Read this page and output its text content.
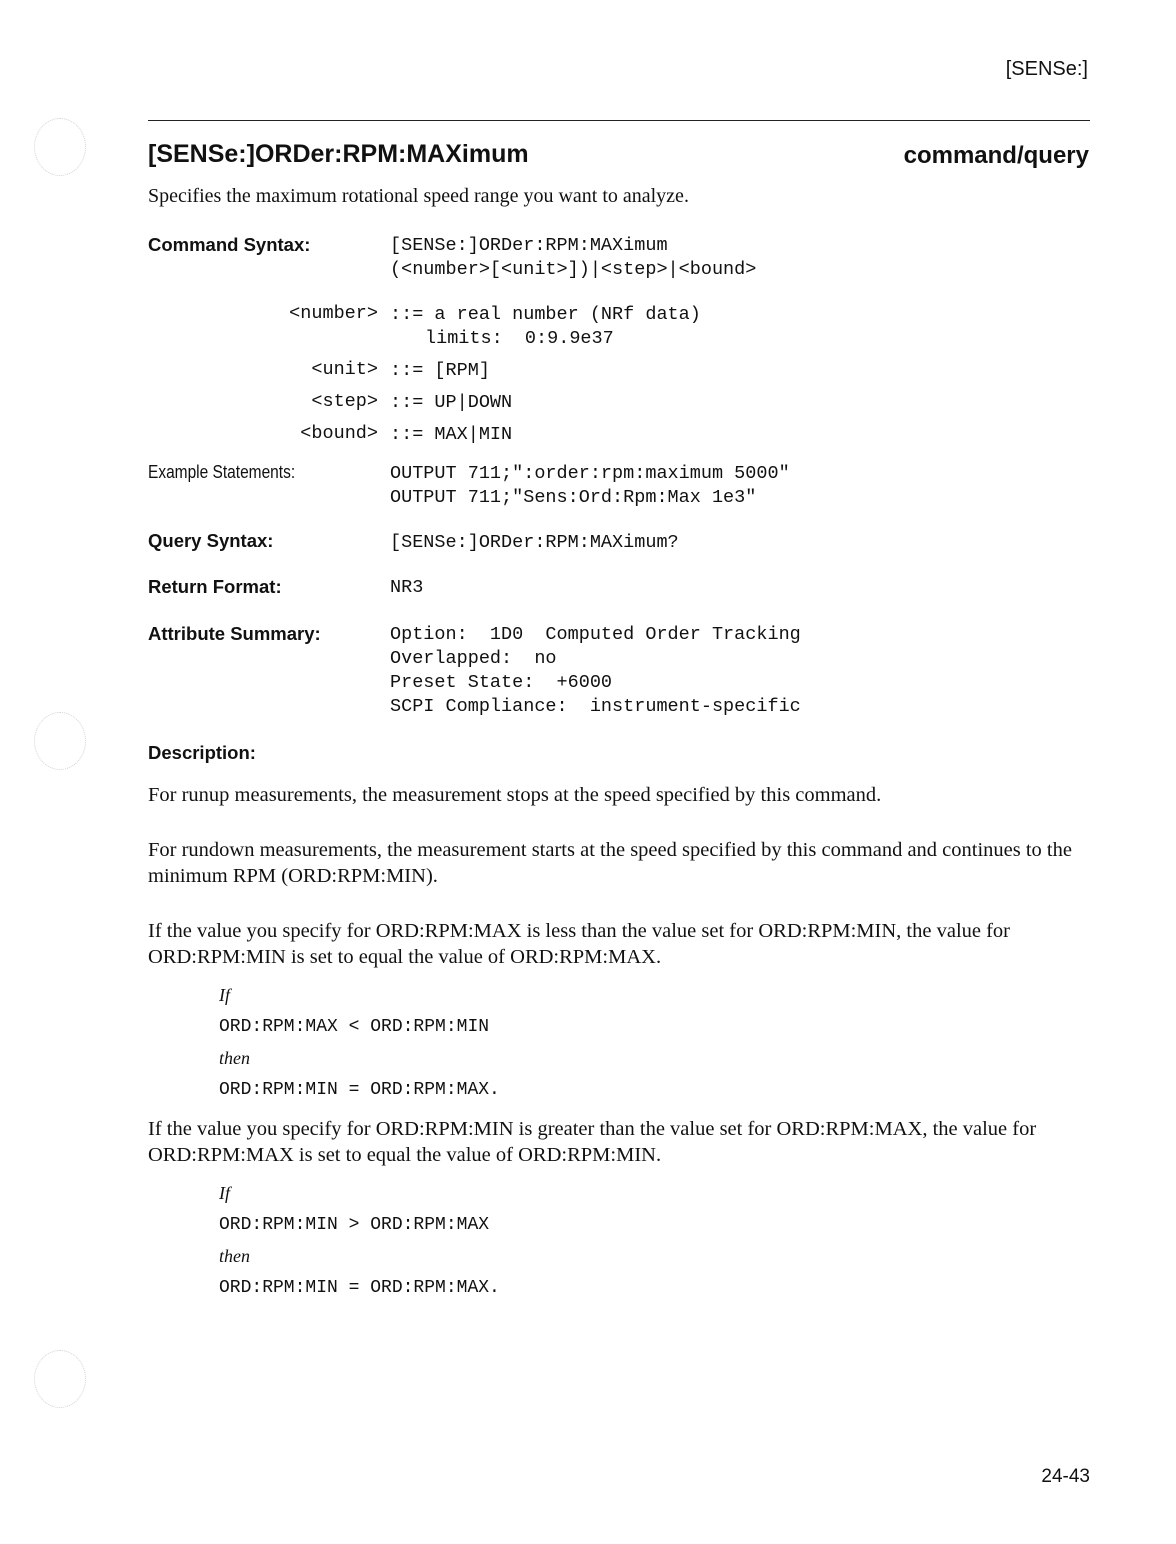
[SENSe:]
[SENSe:]ORDer:RPM:MAXimum	command/query
Specifies the maximum rotational speed range you want to analyze.
Command Syntax:	[SENSe:]ORDer:RPM:MAXimum
(<number>[<unit>])|<step>|<bound>
<number> ::= a real number (NRf data)
limits:  0:9.9e37
<unit> ::= [RPM]
<step> ::= UP|DOWN
<bound> ::= MAX|MIN
Example Statements:	OUTPUT 711;":order:rpm:maximum 5000"
OUTPUT 711;"Sens:Ord:Rpm:Max 1e3"
Query Syntax:	[SENSe:]ORDer:RPM:MAXimum?
Return Format:	NR3
Attribute Summary:	Option:  1D0  Computed Order Tracking
Overlapped:  no
Preset State:  +6000
SCPI Compliance:  instrument-specific
Description:
For runup measurements, the measurement stops at the speed specified by this command.
For rundown measurements, the measurement starts at the speed specified by this command and continues to the minimum RPM (ORD:RPM:MIN).
If the value you specify for ORD:RPM:MAX is less than the value set for ORD:RPM:MIN, the value for ORD:RPM:MIN is set to equal the value of ORD:RPM:MAX.
If
ORD:RPM:MAX < ORD:RPM:MIN
then
ORD:RPM:MIN = ORD:RPM:MAX.
If the value you specify for ORD:RPM:MIN is greater than the value set for ORD:RPM:MAX, the value for ORD:RPM:MAX is set to equal the value of ORD:RPM:MIN.
If
ORD:RPM:MIN > ORD:RPM:MAX
then
ORD:RPM:MIN = ORD:RPM:MAX.
24-43
